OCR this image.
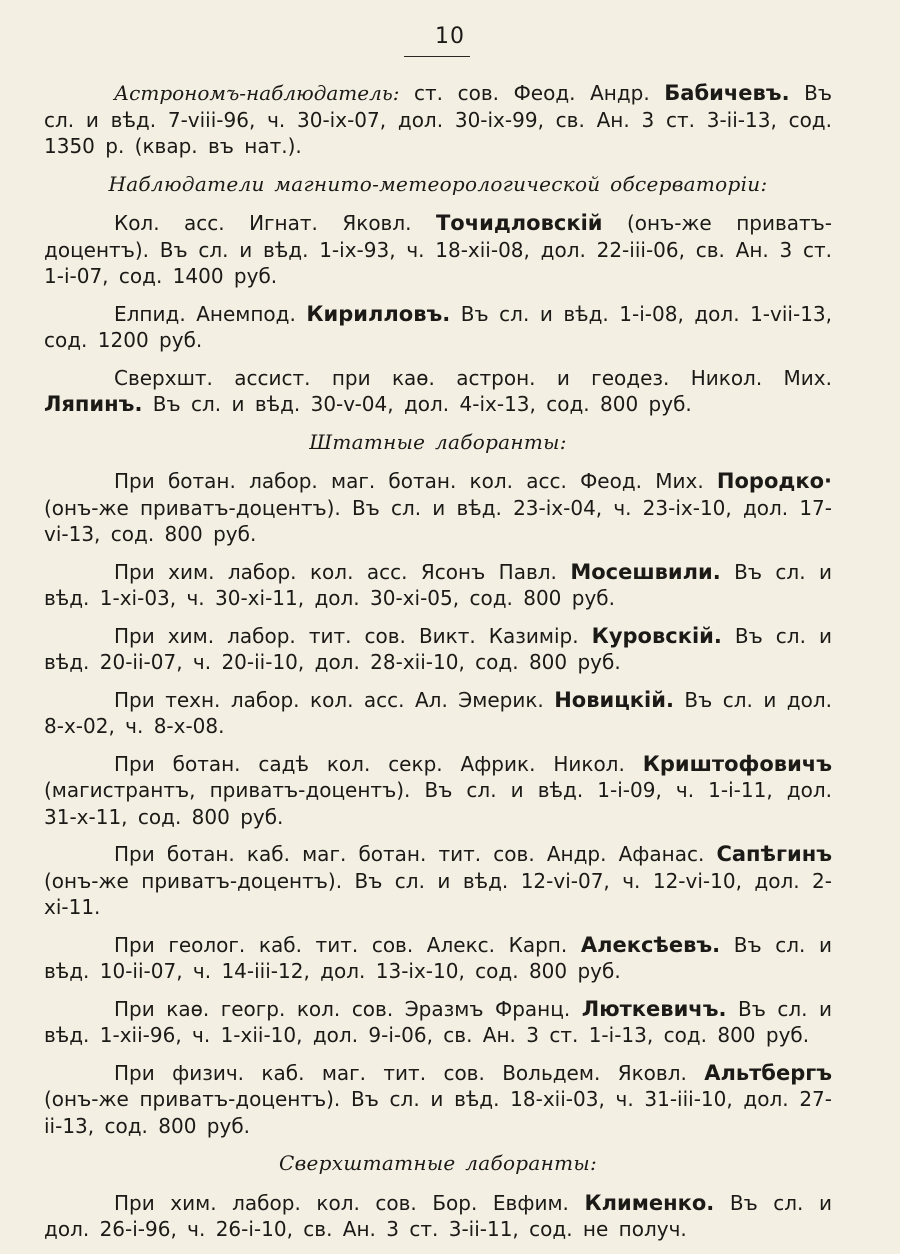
10

Астрономъ-наблюдатель: ст. сов. Феод. Андр. Бабичевъ. Въ сл. и вѣд. 7-viii-96, ч. 30-ix-07, дол. 30-ix-99, св. Ан. 3 ст. 3-ii-13, сод. 1350 р. (квар. въ нат.).

Наблюдатели магнито-метеорологической обсерваторіи:

Кол. асс. Игнат. Яковл. Точидловскій (онъ-же приватъ-доцентъ). Въ сл. и вѣд. 1-ix-93, ч. 18-xii-08, дол. 22-iii-06, св. Ан. 3 ст. 1-i-07, сод. 1400 руб.

Елпид. Анемпод. Кирилловъ. Въ сл. и вѣд. 1-i-08, дол. 1-vii-13, сод. 1200 руб.

Сверхшт. ассист. при каѳ. астрон. и геодез. Никол. Мих. Ляпинъ. Въ сл. и вѣд. 30-v-04, дол. 4-ix-13, сод. 800 руб.

Штатные лаборанты:

При ботан. лабор. маг. ботан. кол. асс. Феод. Мих. Породко· (онъ-же приватъ-доцентъ). Въ сл. и вѣд. 23-ix-04, ч. 23-ix-10, дол. 17-vi-13, сод. 800 руб.

При хим. лабор. кол. асс. Ясонъ Павл. Мосешвили. Въ сл. и вѣд. 1-xi-03, ч. 30-xi-11, дол. 30-xi-05, сод. 800 руб.

При хим. лабор. тит. сов. Викт. Казимір. Куровскій. Въ сл. и вѣд. 20-ii-07, ч. 20-ii-10, дол. 28-xii-10, сод. 800 руб.

При техн. лабор. кол. асс. Ал. Эмерик. Новицкій. Въ сл. и дол. 8-x-02, ч. 8-x-08.

При ботан. садѣ кол. секр. Африк. Никол. Криштофовичъ (магистрантъ, приватъ-доцентъ). Въ сл. и вѣд. 1-i-09, ч. 1-i-11, дол. 31-x-11, сод. 800 руб.

При ботан. каб. маг. ботан. тит. сов. Андр. Афанас. Сапѣгинъ (онъ-же приватъ-доцентъ). Въ сл. и вѣд. 12-vi-07, ч. 12-vi-10, дол. 2-xi-11.

При геолог. каб. тит. сов. Алекс. Карп. Алексѣевъ. Въ сл. и вѣд. 10-ii-07, ч. 14-iii-12, дол. 13-ix-10, сод. 800 руб.

При каѳ. геогр. кол. сов. Эразмъ Франц. Люткевичъ. Въ сл. и вѣд. 1-xii-96, ч. 1-xii-10, дол. 9-i-06, св. Ан. 3 ст. 1-i-13, сод. 800 руб.

При физич. каб. маг. тит. сов. Вольдем. Яковл. Альтбергъ (онъ-же приватъ-доцентъ). Въ сл. и вѣд. 18-xii-03, ч. 31-iii-10, дол. 27-ii-13, сод. 800 руб.

Сверхштатные лаборанты:

При хим. лабор. кол. сов. Бор. Евфим. Клименко. Въ сл. и дол. 26-i-96, ч. 26-i-10, св. Ан. 3 ст. 3-ii-11, сод. не получ.
